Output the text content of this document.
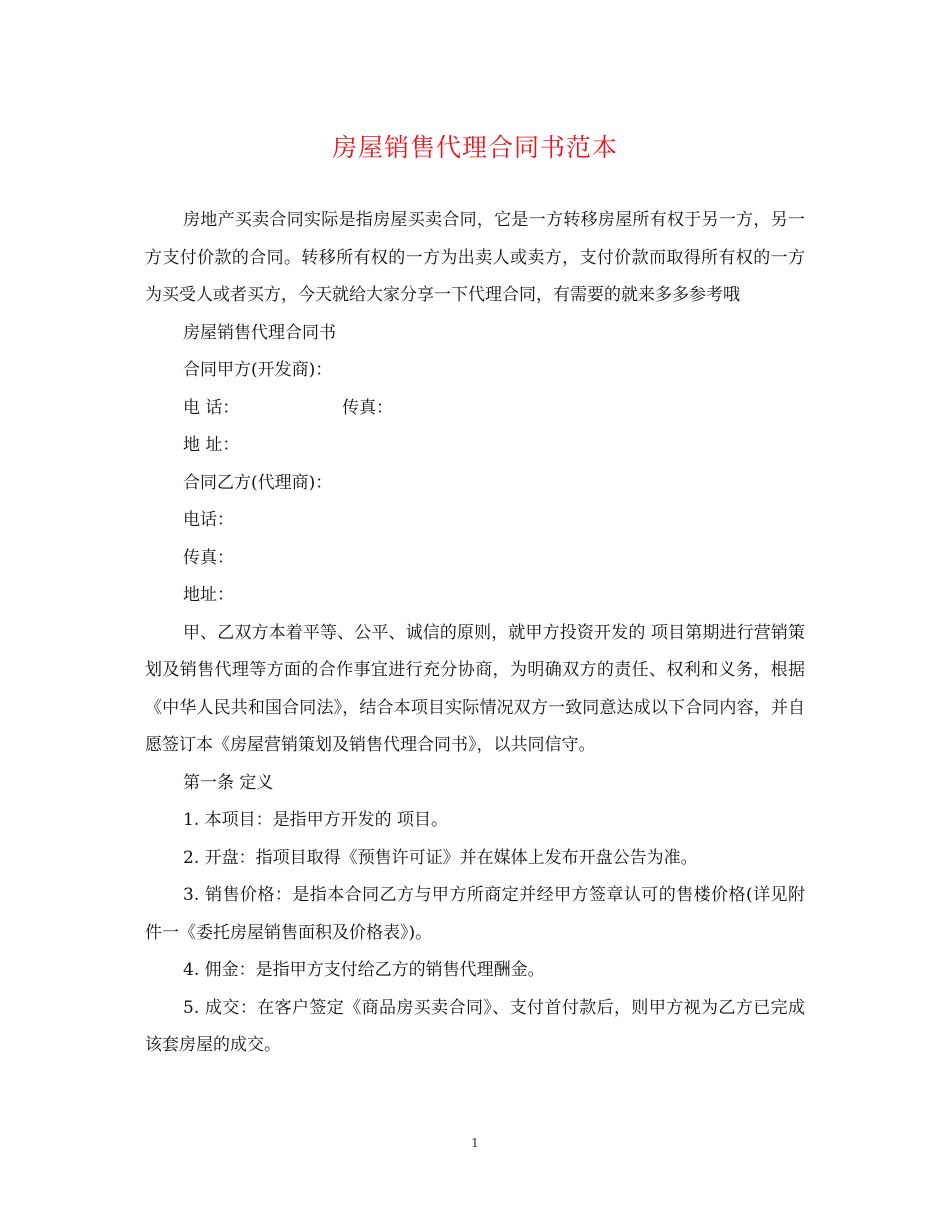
房屋销售代理合同书范本

房地产买卖合同实际是指房屋买卖合同，它是一方转移房屋所有权于另一方，另一方支付价款的合同。转移所有权的一方为出卖人或卖方，支付价款而取得所有权的一方为买受人或者买方，今天就给大家分享一下代理合同，有需要的就来多多参考哦

房屋销售代理合同书

合同甲方(开发商)：

电 话：                   传真：

地 址：

合同乙方(代理商)：

电话：

传真：

地址：

甲、乙双方本着平等、公平、诚信的原则，就甲方投资开发的 项目第期进行营销策划及销售代理等方面的合作事宜进行充分协商，为明确双方的责任、权利和义务，根据《中华人民共和国合同法》，结合本项目实际情况双方一致同意达成以下合同内容，并自愿签订本《房屋营销策划及销售代理合同书》，以共同信守。

第一条 定义

1. 本项目：是指甲方开发的 项目。

2. 开盘：指项目取得《预售许可证》并在媒体上发布开盘公告为准。

3. 销售价格：是指本合同乙方与甲方所商定并经甲方签章认可的售楼价格(详见附件一《委托房屋销售面积及价格表》)。

4. 佣金：是指甲方支付给乙方的销售代理酬金。

5. 成交：在客户签定《商品房买卖合同》、支付首付款后，则甲方视为乙方已完成该套房屋的成交。

1
